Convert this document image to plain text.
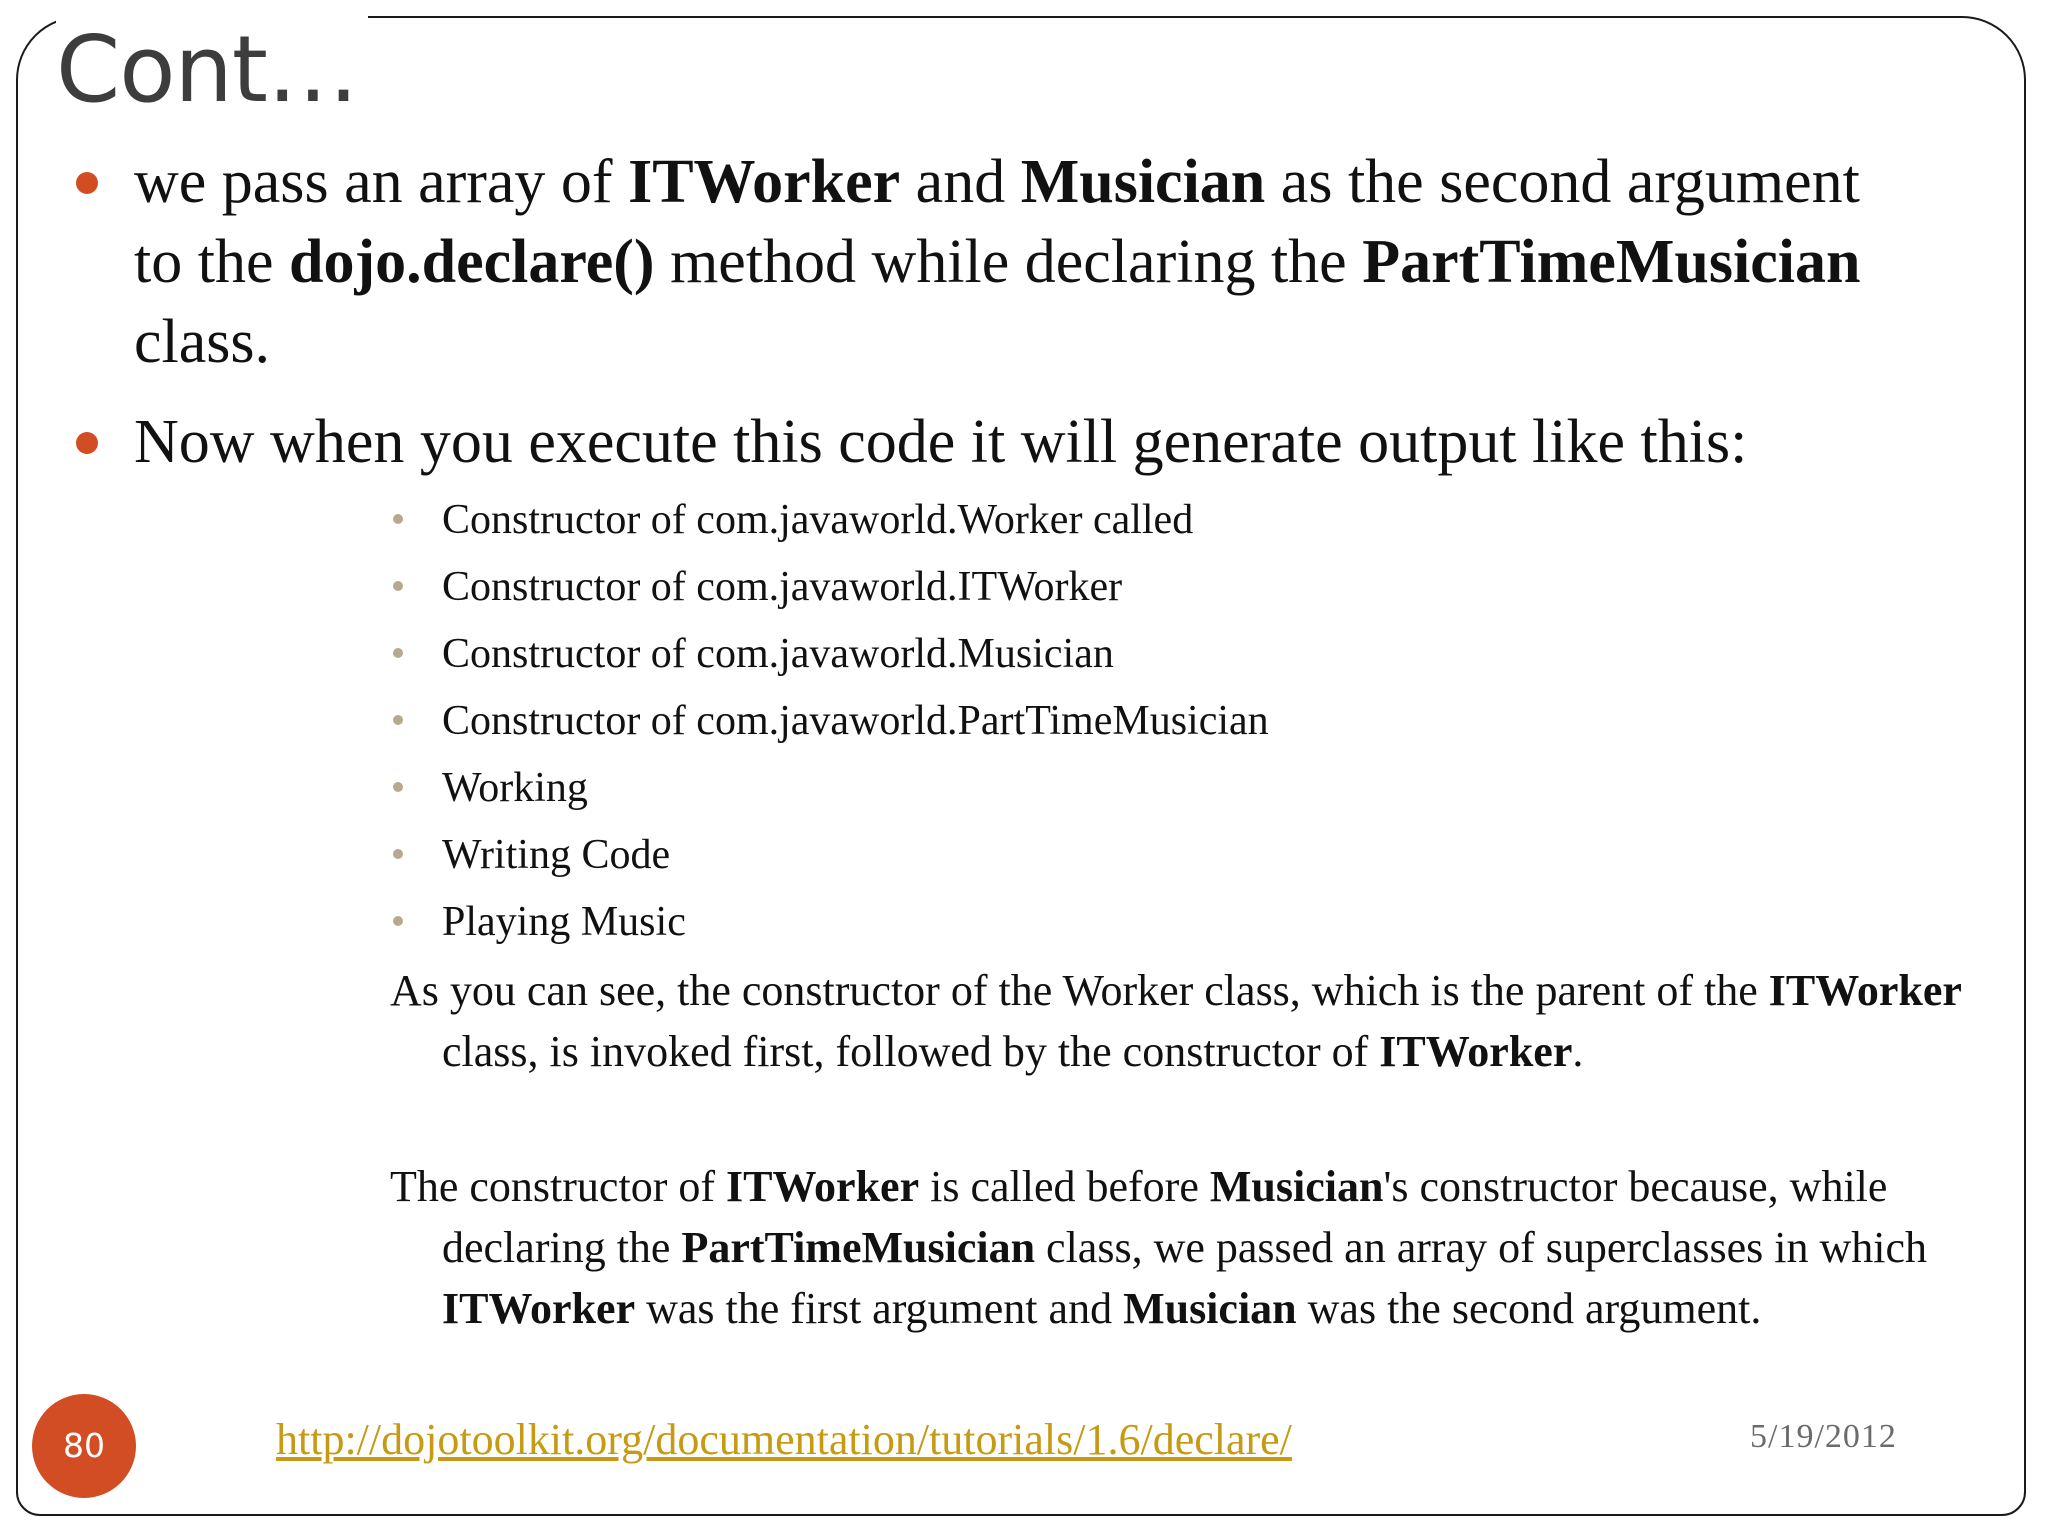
Cont…
we pass an array of ITWorker and Musician as the second argument to the dojo.declare() method while declaring the PartTimeMusician class.
Now when you execute this code it will generate output like this:
Constructor of com.javaworld.Worker called
Constructor of com.javaworld.ITWorker
Constructor of com.javaworld.Musician
Constructor of com.javaworld.PartTimeMusician
Working
Writing Code
Playing Music
As you can see, the constructor of the Worker class, which is the parent of the ITWorker class, is invoked first, followed by the constructor of ITWorker.
The constructor of ITWorker is called before Musician's constructor because, while declaring the PartTimeMusician class, we passed an array of superclasses in which ITWorker was the first argument and Musician was the second argument.
80	http://dojotoolkit.org/documentation/tutorials/1.6/declare/	5/19/2012
